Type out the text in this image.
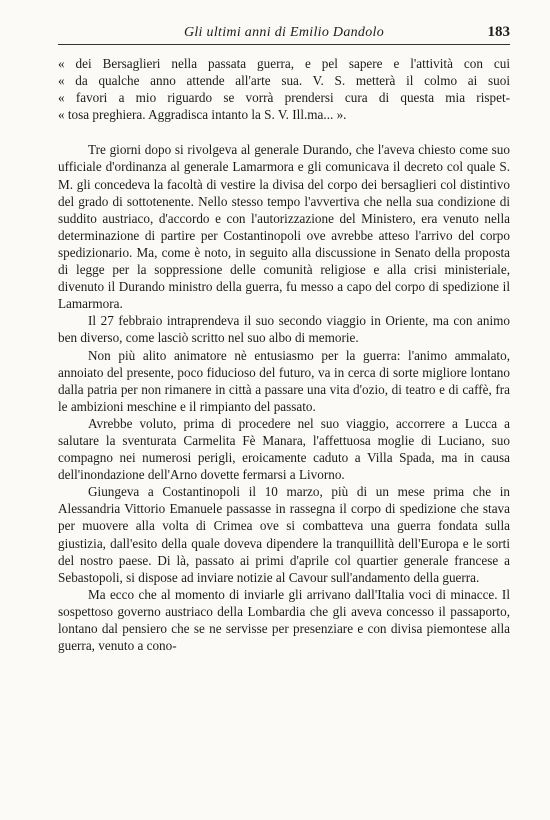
Gli ultimi anni di Emilio Dandolo	183
« dei Bersaglieri nella passata guerra, e pel sapere e l'attività con cui
« da qualche anno attende all'arte sua. V. S. metterà il colmo ai suoi
« favori a mio riguardo se vorrà prendersi cura di questa mia rispet-
« tosa preghiera. Aggradisca intanto la S. V. Ill.ma... ».

Tre giorni dopo si rivolgeva al generale Durando, che l'aveva chiesto come suo ufficiale d'ordinanza al generale Lamarmora e gli comunicava il decreto col quale S. M. gli concedeva la facoltà di vestire la divisa del corpo dei bersaglieri col distintivo del grado di sottotenente. Nello stesso tempo l'avvertiva che nella sua condizione di suddito austriaco, d'accordo e con l'autorizzazione del Ministero, era venuto nella determinazione di partire per Costantinopoli ove avrebbe atteso l'arrivo del corpo spedizionario. Ma, come è noto, in seguito alla discussione in Senato della proposta di legge per la soppressione delle comunità religiose e alla crisi ministeriale, divenuto il Durando ministro della guerra, fu messo a capo del corpo di spedizione il Lamarmora.

Il 27 febbraio intraprendeva il suo secondo viaggio in Oriente, ma con animo ben diverso, come lasciò scritto nel suo albo di memorie.

Non più alito animatore nè entusiasmo per la guerra: l'animo ammalato, annoiato del presente, poco fiducioso del futuro, va in cerca di sorte migliore lontano dalla patria per non rimanere in città a passare una vita d'ozio, di teatro e di caffè, fra le ambizioni meschine e il rimpianto del passato.

Avrebbe voluto, prima di procedere nel suo viaggio, accorrere a Lucca a salutare la sventurata Carmelita Fè Manara, l'affettuosa moglie di Luciano, suo compagno nei numerosi perigli, eroicamente caduto a Villa Spada, ma in causa dell'inondazione dell'Arno dovette fermarsi a Livorno.

Giungeva a Costantinopoli il 10 marzo, più di un mese prima che in Alessandria Vittorio Emanuele passasse in rassegna il corpo di spedizione che stava per muovere alla volta di Crimea ove si combatteva una guerra fondata sulla giustizia, dall'esito della quale doveva dipendere la tranquillità dell'Europa e le sorti del nostro paese. Di là, passato ai primi d'aprile col quartier generale francese a Sebastopoli, si dispose ad inviare notizie al Cavour sull'andamento della guerra.

Ma ecco che al momento di inviarle gli arrivano dall'Italia voci di minacce. Il sospettoso governo austriaco della Lombardia che gli aveva concesso il passaporto, lontano dal pensiero che se ne servisse per presenziare e con divisa piemontese alla guerra, venuto a cono-
